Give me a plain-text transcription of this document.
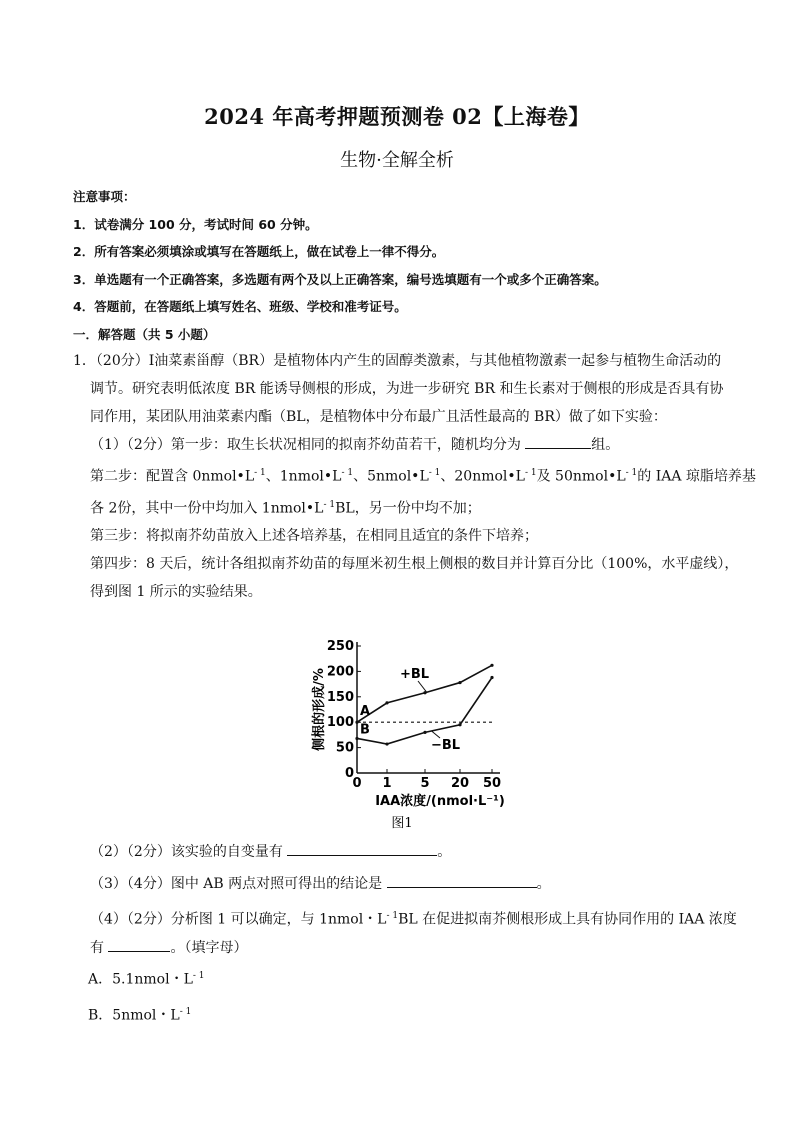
2024 年高考押题预测卷 02【上海卷】
生物·全解全析
注意事项：
1．试卷满分 100 分，考试时间 60 分钟。
2．所有答案必须填涂或填写在答题纸上，做在试卷上一律不得分。
3．单选题有一个正确答案，多选题有两个及以上正确答案，编号选填题有一个或多个正确答案。
4．答题前，在答题纸上填写姓名、班级、学校和准考证号。
一．解答题（共 5 小题）
1．（20分）Ⅰ油菜素甾醇（BR）是植物体内产生的固醇类激素，与其他植物激素一起参与植物生命活动的
调节。研究表明低浓度 BR 能诱导侧根的形成，为进一步研究 BR 和生长素对于侧根的形成是否具有协
同作用，某团队用油菜素内酯（BL，是植物体中分布最广且活性最高的 BR）做了如下实验：
（1）（2分）第一步：取生长状况相同的拟南芥幼苗若干，随机均分为	组。
第二步：配置含 $0nmol•L^{- 1}$、$1nmol•L^{- 1}$、$5nmol•L^{- 1}$、$20nmol•L^{- 1}$及 $50nmol•L^{- 1}$的 IAA 琼脂培养基
各 2份，其中一份中均加入 $1nmol•L^{- 1}BL$，另一份中均不加；
第三步：将拟南芥幼苗放入上述各培养基，在相同且适宜的条件下培养；
第四步：8 天后，统计各组拟南芥幼苗的每厘米初生根上侧根的数目并计算百分比（100%，水平虚线），
得到图 1 所示的实验结果。
0
50
100
150
200
250
0 1 5 20 50
+BL
−BL
A
B
侧根的形成/%
IAA浓度/(nmol·L⁻¹)
图1
（2）（2分）该实验的自变量有	。
（3）（4分）图中 AB 两点对照可得出的结论是	。
（4）（2分）分析图 1 可以确定，与 1nmol・$L^{- 1}BL$ 在促进拟南芥侧根形成上具有协同作用的 IAA 浓度
有	。（填字母）
A．5.1nmol・$L^{- 1}$
B．5nmol・$L^{- 1}$
